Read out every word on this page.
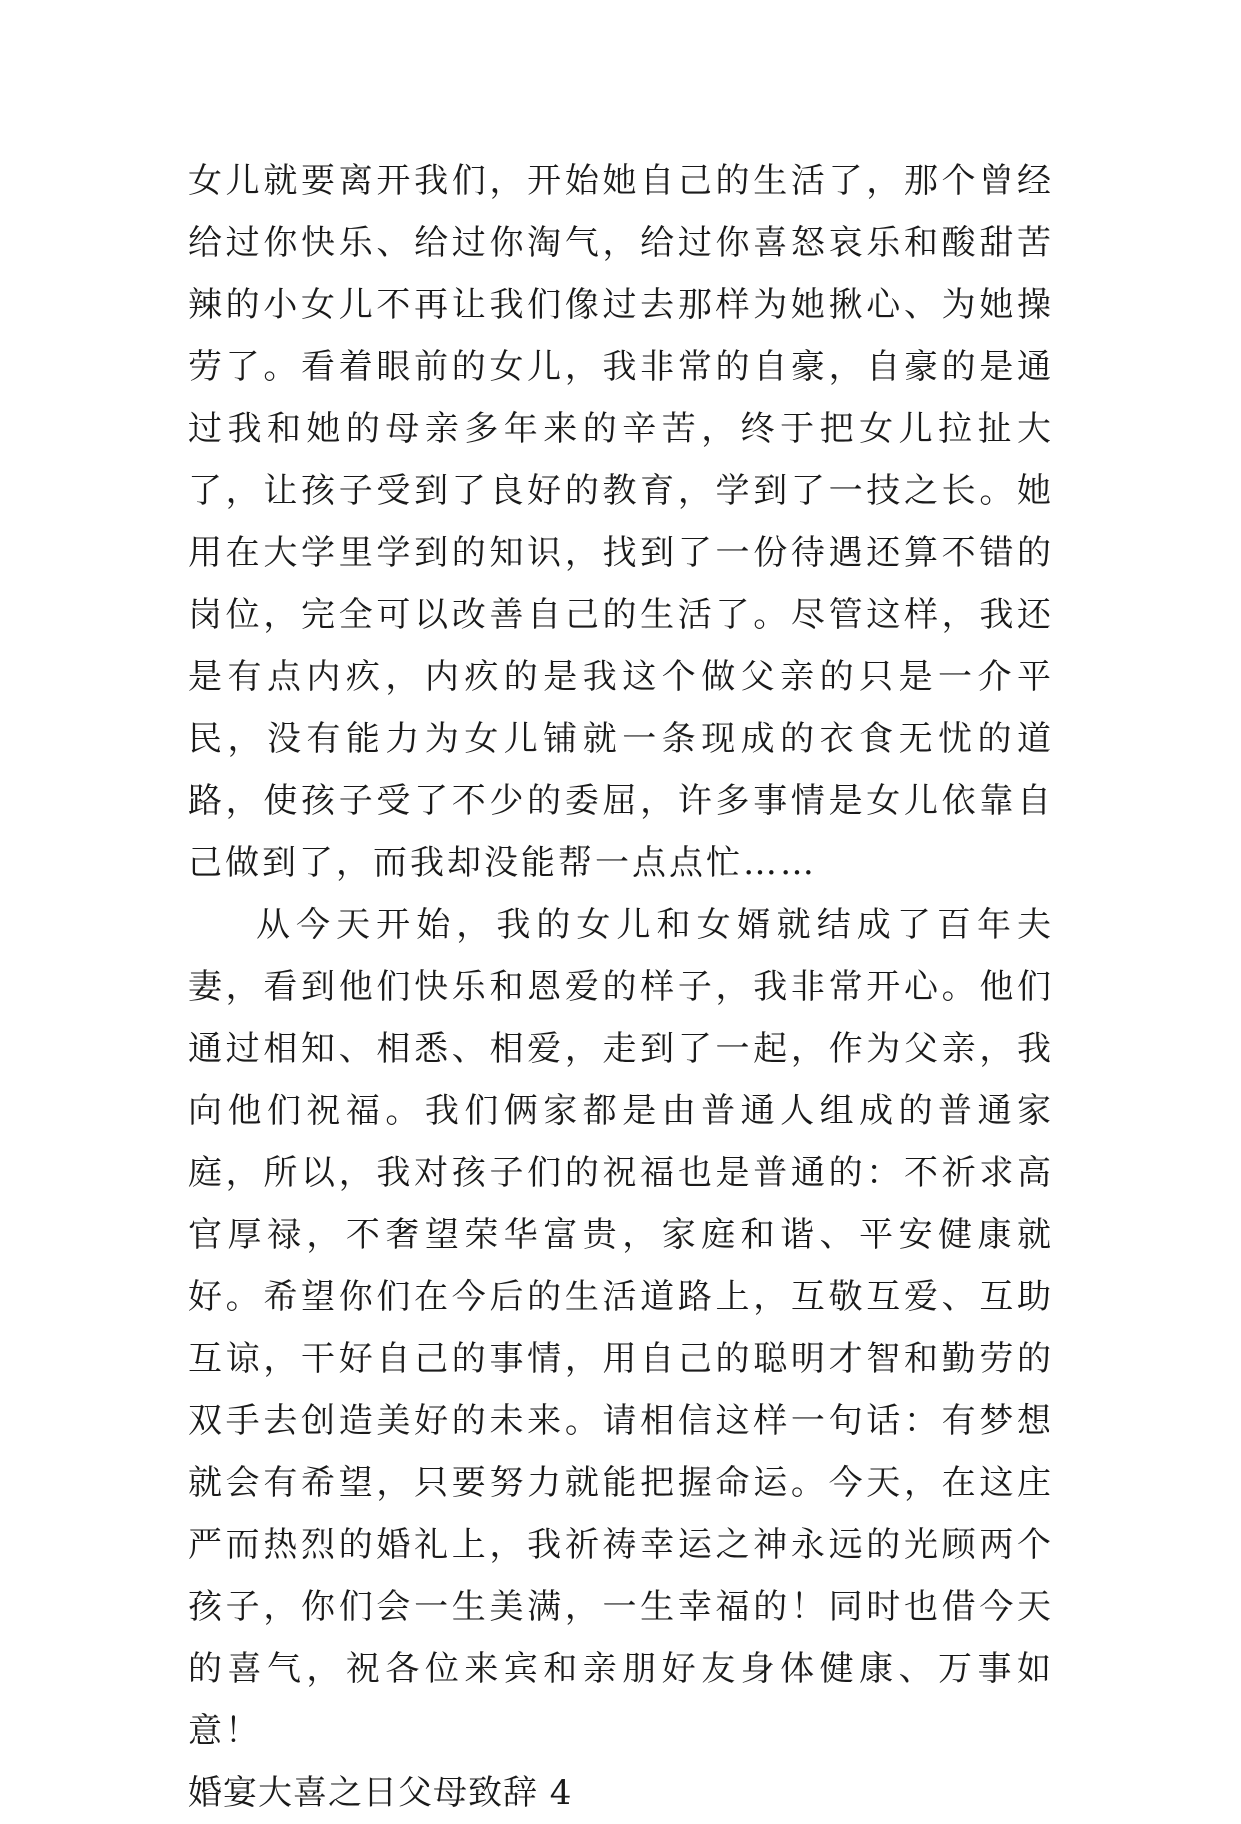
女儿就要离开我们，开始她自己的生活了，那个曾经给过你快乐、给过你淘气，给过你喜怒哀乐和酸甜苦辣的小女儿不再让我们像过去那样为她揪心、为她操劳了。看着眼前的女儿，我非常的自豪，自豪的是通过我和她的母亲多年来的辛苦，终于把女儿拉扯大了，让孩子受到了良好的教育，学到了一技之长。她用在大学里学到的知识，找到了一份待遇还算不错的岗位，完全可以改善自己的生活了。尽管这样，我还是有点内疚，内疚的是我这个做父亲的只是一介平民，没有能力为女儿铺就一条现成的衣食无忧的道路，使孩子受了不少的委屈，许多事情是女儿依靠自己做到了，而我却没能帮一点点忙……

从今天开始，我的女儿和女婿就结成了百年夫妻，看到他们快乐和恩爱的样子，我非常开心。他们通过相知、相悉、相爱，走到了一起，作为父亲，我向他们祝福。我们俩家都是由普通人组成的普通家庭，所以，我对孩子们的祝福也是普通的：不祈求高官厚禄，不奢望荣华富贵，家庭和谐、平安健康就好。希望你们在今后的生活道路上，互敬互爱、互助互谅，干好自己的事情，用自己的聪明才智和勤劳的双手去创造美好的未来。请相信这样一句话：有梦想就会有希望，只要努力就能把握命运。今天，在这庄严而热烈的婚礼上，我祈祷幸运之神永远的光顾两个孩子，你们会一生美满，一生幸福的！同时也借今天的喜气，祝各位来宾和亲朋好友身体健康、万事如意！

婚宴大喜之日父母致辞 4
